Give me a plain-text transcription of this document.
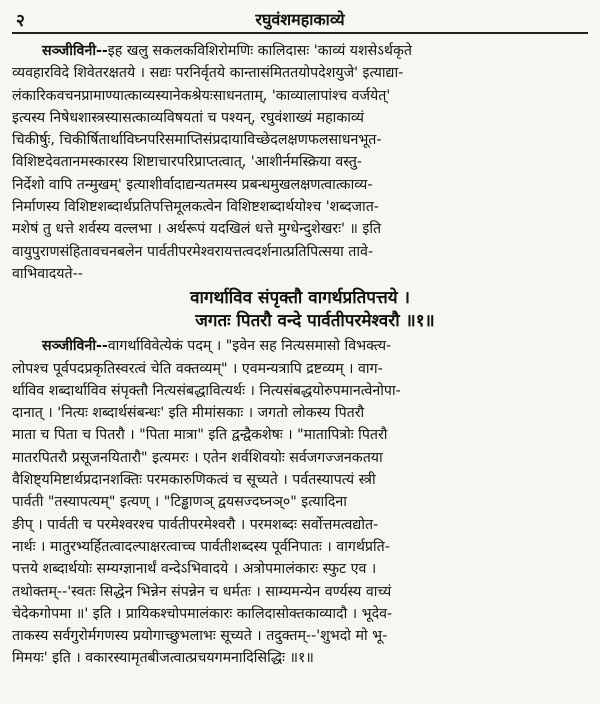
२	रघुवंशमहाकाव्ये
सञ्जीविनी--इह खलु सकलकविशिरोमणिः कालिदासः 'काव्यं यशसेऽर्थकृते
व्यवहारविदे शिवेतरक्षतये । सद्यः परनिर्वृतये कान्तासंमिततयोपदेशयुजे' इत्याद्या-
लंकारिकवचनप्रामाण्यात्काव्यस्यानेकश्रेयःसाधनताम्, 'काव्यालापांश्च वर्जयेत्'
इत्यस्य निषेधशास्त्रस्यासत्काव्यविषयतां च पश्यन्, रघुवंशाख्यं महाकाव्यं
चिकीर्षुः, चिकीर्षितार्थाविघ्नपरिसमाप्तिसंप्रदायाविच्छेदलक्षणफलसाधनभूत-
विशिष्टदेवतानमस्कारस्य शिष्टाचारपरिप्राप्तत्वात्, 'आशीर्नमस्क्रिया वस्तु-
निर्देशो वापि तन्मुखम्' इत्याशीर्वादाद्यन्यतमस्य प्रबन्धमुखलक्षणत्वात्काव्य-
निर्माणस्य विशिष्टशब्दार्थप्रतिपत्तिमूलकत्वेन विशिष्टशब्दार्थयोश्च 'शब्दजात-
मशेषं तु धत्ते शर्वस्य वल्लभा । अर्थरूपं यदखिलं धत्ते मुग्धेन्दुशेखरः' ॥ इति
वायुपुराणसंहितावचनबलेन पार्वतीपरमेश्वरायत्तत्वदर्शनात्प्रतिपित्सया तावे-
वाभिवादयते--
वागर्थाविव संपृक्तौ वागर्थप्रतिपत्तये ।
जगतः पितरौ वन्दे पार्वतीपरमेश्वरौ ॥१॥
सञ्जीविनी--वागर्थाविवेत्येकं पदम् । "इवेन सह नित्यसमासो विभक्त्य-
लोपश्च पूर्वपदप्रकृतिस्वरत्वं चेति वक्तव्यम्" । एवमन्यत्रापि द्रष्टव्यम् । वाग-
र्थाविव शब्दार्थाविव संपृक्तौ नित्यसंबद्धावित्यर्थः । नित्यसंबद्धयोरुपमानत्वेनोपा-
दानात् । 'नित्यः शब्दार्थसंबन्धः' इति मीमांसकाः । जगतो लोकस्य पितरौ
माता च पिता च पितरौ । "पिता मात्रा" इति द्वन्द्वैकशेषः । "मातापित्रोः पितरौ
मातरपितरौ प्रसूजनयितारौ" इत्यमरः । एतेन शर्वशिवयोः सर्वजगज्जनकतया
वैशिष्ट्यमिष्टार्थप्रदानशक्तिः परमकारुणिकत्वं च सूच्यते । पर्वतस्यापत्यं स्त्री
पार्वती "तस्यापत्यम्" इत्यण् । "टिड्ढाणञ् द्वयसज्दघ्नञ्०" इत्यादिना
ङीप् । पार्वती च परमेश्वरश्च पार्वतीपरमेश्वरौ । परमशब्दः सर्वोत्तमत्वद्योत-
नार्थः । मातुरभ्यर्हितत्वादल्पाक्षरत्वाच्च पार्वतीशब्दस्य पूर्वनिपातः । वागर्थप्रति-
पत्तये शब्दार्थयोः सम्यग्ज्ञानार्थं वन्देऽभिवादये । अत्रोपमालंकारः स्फुट एव ।
तथोक्तम्--'स्वतः सिद्धेन भिन्नेन संपन्नेन च धर्मतः । साम्यमन्येन वर्ण्यस्य वाच्यं
चेदेकगोपमा ॥' इति । प्रायिकश्चोपमालंकारः कालिदासोक्तकाव्यादौ । भूदेव-
ताकस्य सर्वगुरोर्मगणस्य प्रयोगाच्छुभलाभः सूच्यते । तदुक्तम्--'शुभदो मो भू-
मिमयः' इति । वकारस्यामृतबीजत्वात्प्रचयगमनादिसिद्धिः ॥१॥
